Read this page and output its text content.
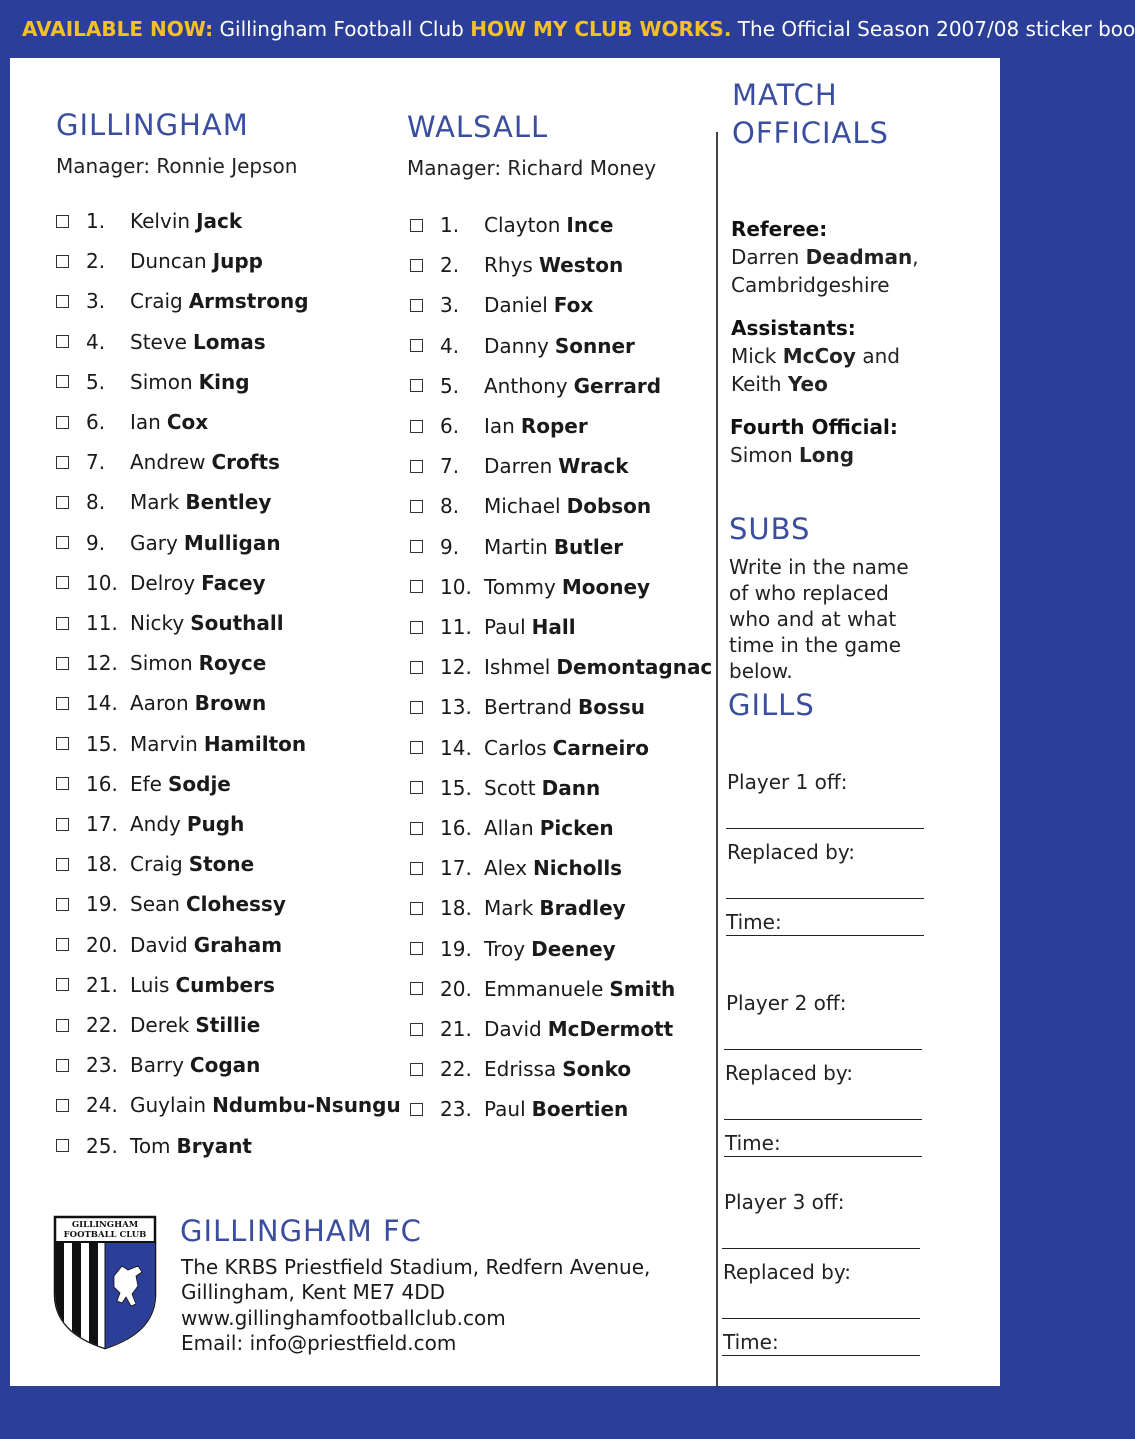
AVAILABLE NOW: Gillingham Football Club HOW MY CLUB WORKS. The Official Season 2007/08 sticker boo
GILLINGHAM
Manager: Ronnie Jepson
1.	Kelvin Jack
2.	Duncan Jupp
3.	Craig Armstrong
4.	Steve Lomas
5.	Simon King
6.	Ian Cox
7.	Andrew Crofts
8.	Mark Bentley
9.	Gary Mulligan
10. Delroy Facey
11. Nicky Southall
12. Simon Royce
14. Aaron Brown
15. Marvin Hamilton
16. Efe Sodje
17. Andy Pugh
18. Craig Stone
19. Sean Clohessy
20. David Graham
21. Luis Cumbers
22. Derek Stillie
23. Barry Cogan
24. Guylain Ndumbu-Nsungu
25. Tom Bryant
WALSALL
Manager: Richard Money
1.	Clayton Ince
2.	Rhys Weston
3.	Daniel Fox
4.	Danny Sonner
5.	Anthony Gerrard
6.	Ian Roper
7.	Darren Wrack
8.	Michael Dobson
9.	Martin Butler
10. Tommy Mooney
11. Paul Hall
12. Ishmel Demontagnac
13. Bertrand Bossu
14. Carlos Carneiro
15. Scott Dann
16. Allan Picken
17. Alex Nicholls
18. Mark Bradley
19. Troy Deeney
20. Emmanuele Smith
21. David McDermott
22. Edrissa Sonko
23. Paul Boertien
MATCH
OFFICIALS
Referee:
Darren Deadman,
Cambridgeshire
Assistants:
Mick McCoy and
Keith Yeo
Fourth Official:
Simon Long
SUBS
Write in the name of who replaced who and at what time in the game below.
GILLS
Player 1 off:
Replaced by:
Time:
Player 2 off:
Replaced by:
Time:
Player 3 off:
Replaced by:
Time:
GILLINGHAM
FOOTBALL CLUB GILLINGHAM FC
The KRBS Priestfield Stadium, Redfern Avenue,
Gillingham, Kent ME7 4DD
www.gillinghamfootballclub.com
Email: info@priestfield.com
